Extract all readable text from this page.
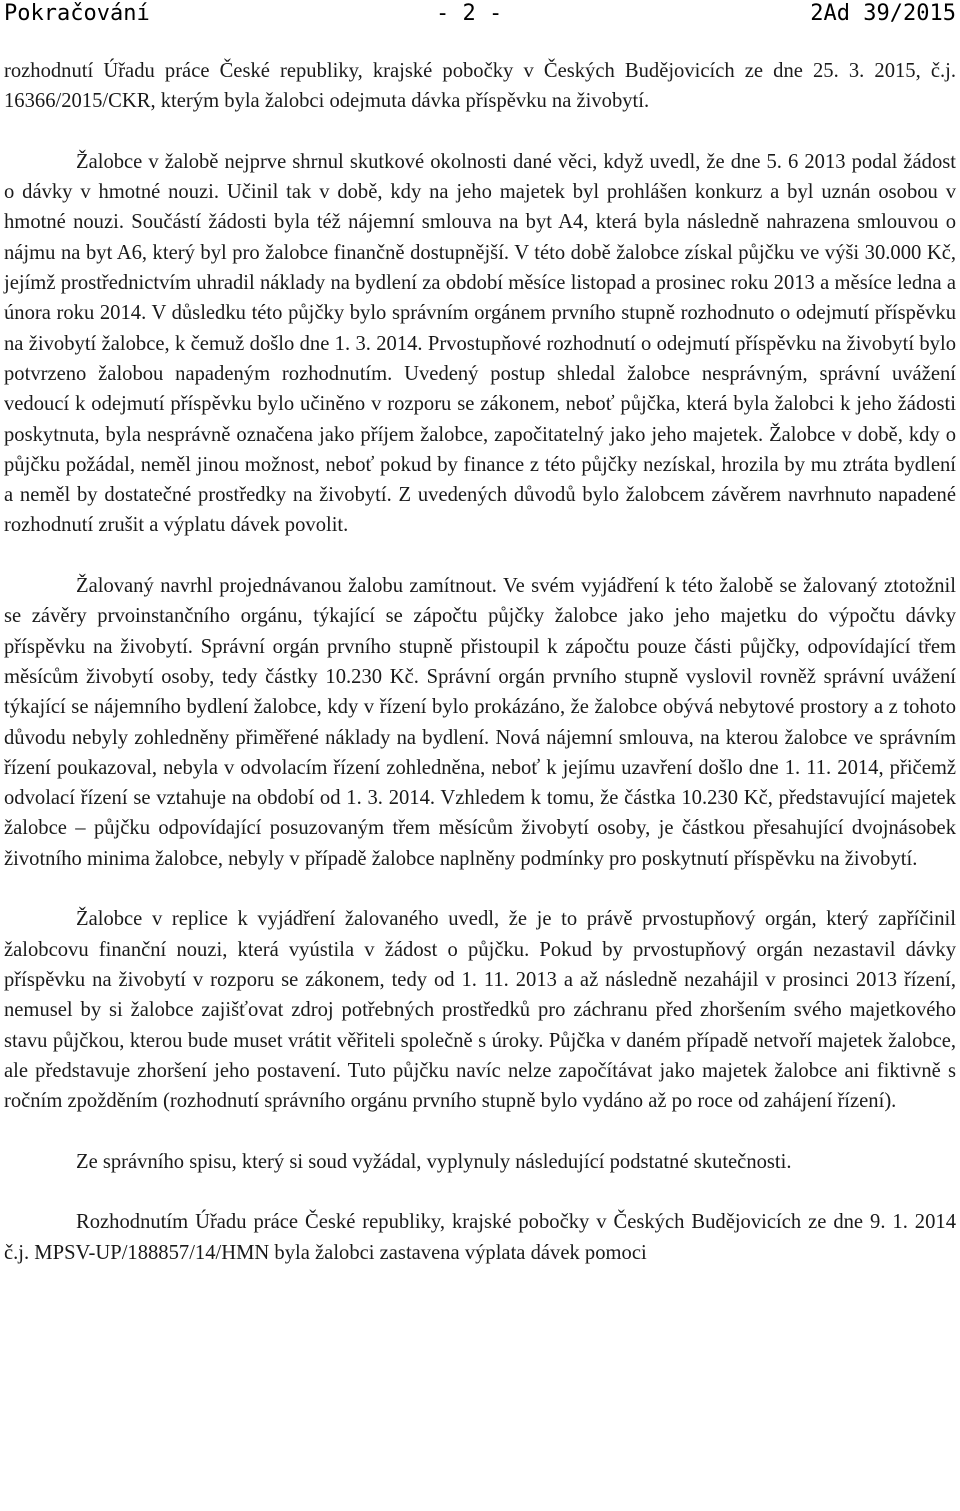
Pokračování

	- 2 -

	2Ad 39/2015

rozhodnutí Úřadu práce České republiky, krajské pobočky v Českých Budějovicích ze dne 25. 3. 2015, č.j. 16366/2015/CKR, kterým byla žalobci odejmuta dávka příspěvku na živobytí.

Žalobce v žalobě nejprve shrnul skutkové okolnosti dané věci, když uvedl, že dne 5. 6 2013 podal žádost o dávky v hmotné nouzi. Učinil tak v době, kdy na jeho majetek byl prohlášen konkurz a byl uznán osobou v hmotné nouzi. Součástí žádosti byla též nájemní smlouva na byt A4, která byla následně nahrazena smlouvou o nájmu na byt A6, který byl pro žalobce finančně dostupnější. V této době žalobce získal půjčku ve výši 30.000 Kč, jejímž prostřednictvím uhradil náklady na bydlení za období měsíce listopad a prosinec roku 2013 a měsíce ledna a února roku 2014. V důsledku této půjčky bylo správním orgánem prvního stupně rozhodnuto o odejmutí příspěvku na živobytí žalobce, k čemuž došlo dne 1. 3. 2014. Prvostupňové rozhodnutí o odejmutí příspěvku na živobytí bylo potvrzeno žalobou napadeným rozhodnutím. Uvedený postup shledal žalobce nesprávným, správní uvážení vedoucí k odejmutí příspěvku bylo učiněno v rozporu se zákonem, neboť půjčka, která byla žalobci k jeho žádosti poskytnuta, byla nesprávně označena jako příjem žalobce, započitatelný jako jeho majetek. Žalobce v době, kdy o půjčku požádal, neměl jinou možnost, neboť pokud by finance z této půjčky nezískal, hrozila by mu ztráta bydlení a neměl by dostatečné prostředky na živobytí. Z uvedených důvodů bylo žalobcem závěrem navrhnuto napadené rozhodnutí zrušit a výplatu dávek povolit.

Žalovaný navrhl projednávanou žalobu zamítnout. Ve svém vyjádření k této žalobě se žalovaný ztotožnil se závěry prvoinstančního orgánu, týkající se zápočtu půjčky žalobce jako jeho majetku do výpočtu dávky příspěvku na živobytí. Správní orgán prvního stupně přistoupil k zápočtu pouze části půjčky, odpovídající třem měsícům živobytí osoby, tedy částky 10.230 Kč. Správní orgán prvního stupně vyslovil rovněž správní uvážení týkající se nájemního bydlení žalobce, kdy v řízení bylo prokázáno, že žalobce obývá nebytové prostory a z tohoto důvodu nebyly zohledněny přiměřené náklady na bydlení. Nová nájemní smlouva, na kterou žalobce ve správním řízení poukazoval, nebyla v odvolacím řízení zohledněna, neboť k jejímu uzavření došlo dne 1. 11. 2014, přičemž odvolací řízení se vztahuje na období od 1. 3. 2014. Vzhledem k tomu, že částka 10.230 Kč, představující majetek žalobce – půjčku odpovídající posuzovaným třem měsícům živobytí osoby, je částkou přesahující dvojnásobek životního minima žalobce, nebyly v případě žalobce naplněny podmínky pro poskytnutí příspěvku na živobytí.

Žalobce v replice k vyjádření žalovaného uvedl, že je to právě prvostupňový orgán, který zapříčinil žalobcovu finanční nouzi, která vyústila v žádost o půjčku. Pokud by prvostupňový orgán nezastavil dávky příspěvku na živobytí v rozporu se zákonem, tedy od 1. 11. 2013 a až následně nezahájil v prosinci 2013 řízení, nemusel by si žalobce zajišťovat zdroj potřebných prostředků pro záchranu před zhoršením svého majetkového stavu půjčkou, kterou bude muset vrátit věřiteli společně s úroky. Půjčka v daném případě netvoří majetek žalobce, ale představuje zhoršení jeho postavení. Tuto půjčku navíc nelze započítávat jako majetek žalobce ani fiktivně s ročním zpožděním (rozhodnutí správního orgánu prvního stupně bylo vydáno až po roce od zahájení řízení).

Ze správního spisu, který si soud vyžádal, vyplynuly následující podstatné skutečnosti.

Rozhodnutím Úřadu práce České republiky, krajské pobočky v Českých Budějovicích ze dne 9. 1. 2014 č.j. MPSV-UP/188857/14/HMN byla žalobci zastavena výplata dávek pomoci
